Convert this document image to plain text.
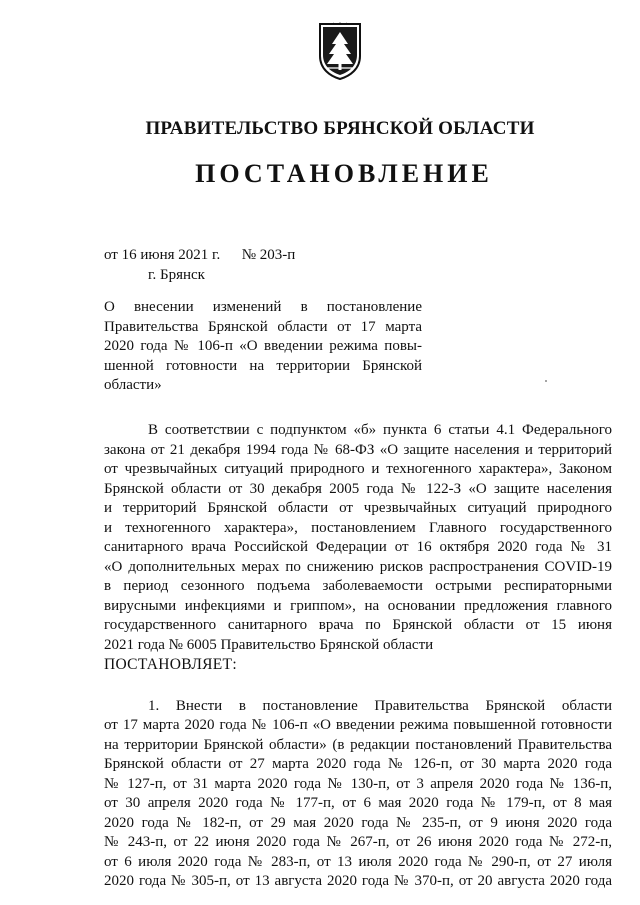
ПРАВИТЕЛЬСТВО БРЯНСКОЙ ОБЛАСТИ
ПОСТАНОВЛЕНИЕ
от 16 июня 2021 г. № 203-п
г. Брянск
О внесении изменений в постановление
Правительства Брянской области от 17 марта
2020 года № 106-п «О введении режима повы-
шенной готовности на территории Брянской
области»
В соответствии с подпунктом «б» пункта 6 статьи 4.1 Федерального
закона от 21 декабря 1994 года № 68-ФЗ «О защите населения и территорий
от чрезвычайных ситуаций природного и техногенного характера», Законом
Брянской области от 30 декабря 2005 года № 122-З «О защите населения
и территорий Брянской области от чрезвычайных ситуаций природного
и техногенного характера», постановлением Главного государственного
санитарного врача Российской Федерации от 16 октября 2020 года № 31
«О дополнительных мерах по снижению рисков распространения COVID-19
в период сезонного подъема заболеваемости острыми респираторными
вирусными инфекциями и гриппом», на основании предложения главного
государственного санитарного врача по Брянской области от 15 июня
2021 года № 6005 Правительство Брянской области
ПОСТАНОВЛЯЕТ:
1. Внести в постановление Правительства Брянской области
от 17 марта 2020 года № 106-п «О введении режима повышенной готовности
на территории Брянской области» (в редакции постановлений Правительства
Брянской области от 27 марта 2020 года № 126-п, от 30 марта 2020 года
№ 127-п, от 31 марта 2020 года № 130-п, от 3 апреля 2020 года № 136-п,
от 30 апреля 2020 года № 177-п, от 6 мая 2020 года № 179-п, от 8 мая
2020 года № 182-п, от 29 мая 2020 года № 235-п, от 9 июня 2020 года
№ 243-п, от 22 июня 2020 года № 267-п, от 26 июня 2020 года № 272-п,
от 6 июля 2020 года № 283-п, от 13 июля 2020 года № 290-п, от 27 июля
2020 года № 305-п, от 13 августа 2020 года № 370-п, от 20 августа 2020 года
